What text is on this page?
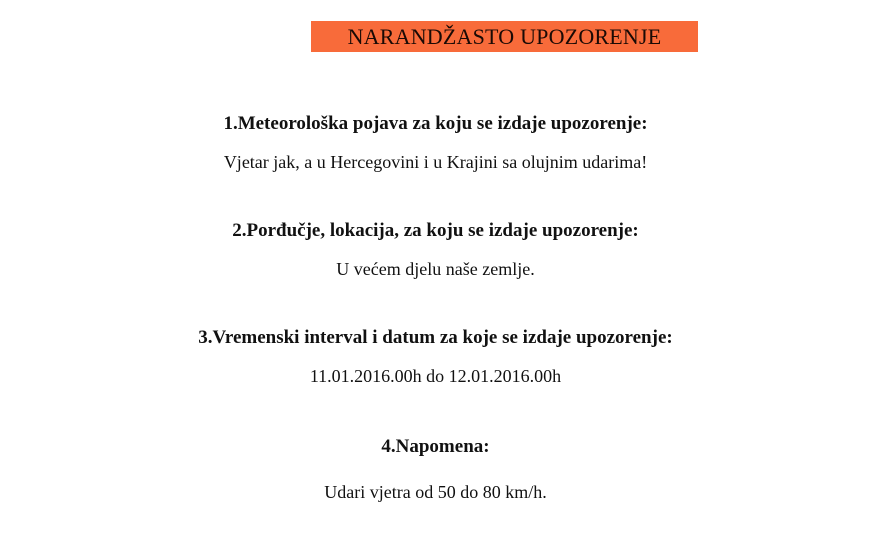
NARANDŽASTO UPOZORENJE
1.Meteorološka pojava za koju se izdaje upozorenje:
Vjetar jak, a u Hercegovini i u Krajini sa olujnim udarima!
2.Porđučje, lokacija, za koju se izdaje upozorenje:
U većem djelu naše zemlje.
3.Vremenski interval i datum za koje se izdaje upozorenje:
11.01.2016.00h do 12.01.2016.00h
4.Napomena:
Udari vjetra od 50 do 80 km/h.
